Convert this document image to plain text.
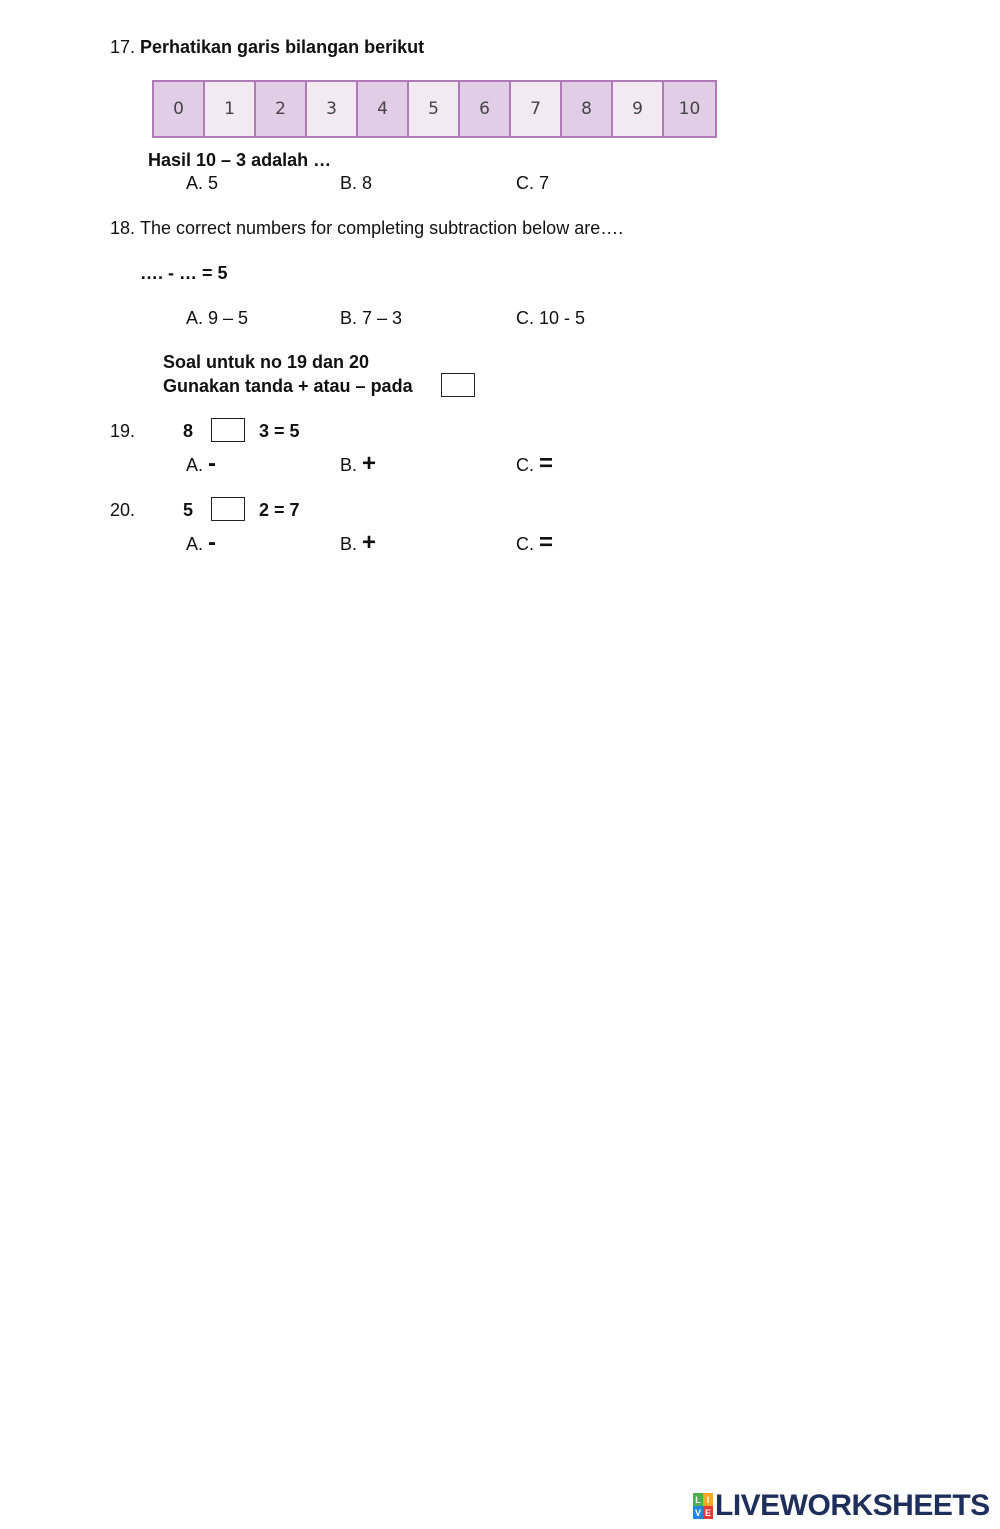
17. Perhatikan garis bilangan berikut
0	1	2	3	4	5	6	7	8	9	10
Hasil 10 – 3 adalah …
A. 5	B. 8	C. 7
18. The correct numbers for completing subtraction below are….
…. - … = 5
A. 9 – 5	B. 7 – 3	C. 10 - 5
Soal untuk no 19 dan 20
Gunakan tanda + atau – pada
19.	8	3 = 5
A. -	B. +	C. =
20.	5	2 = 7
A. -	B. +	C. =
L I
V E LIVEWORKSHEETS
